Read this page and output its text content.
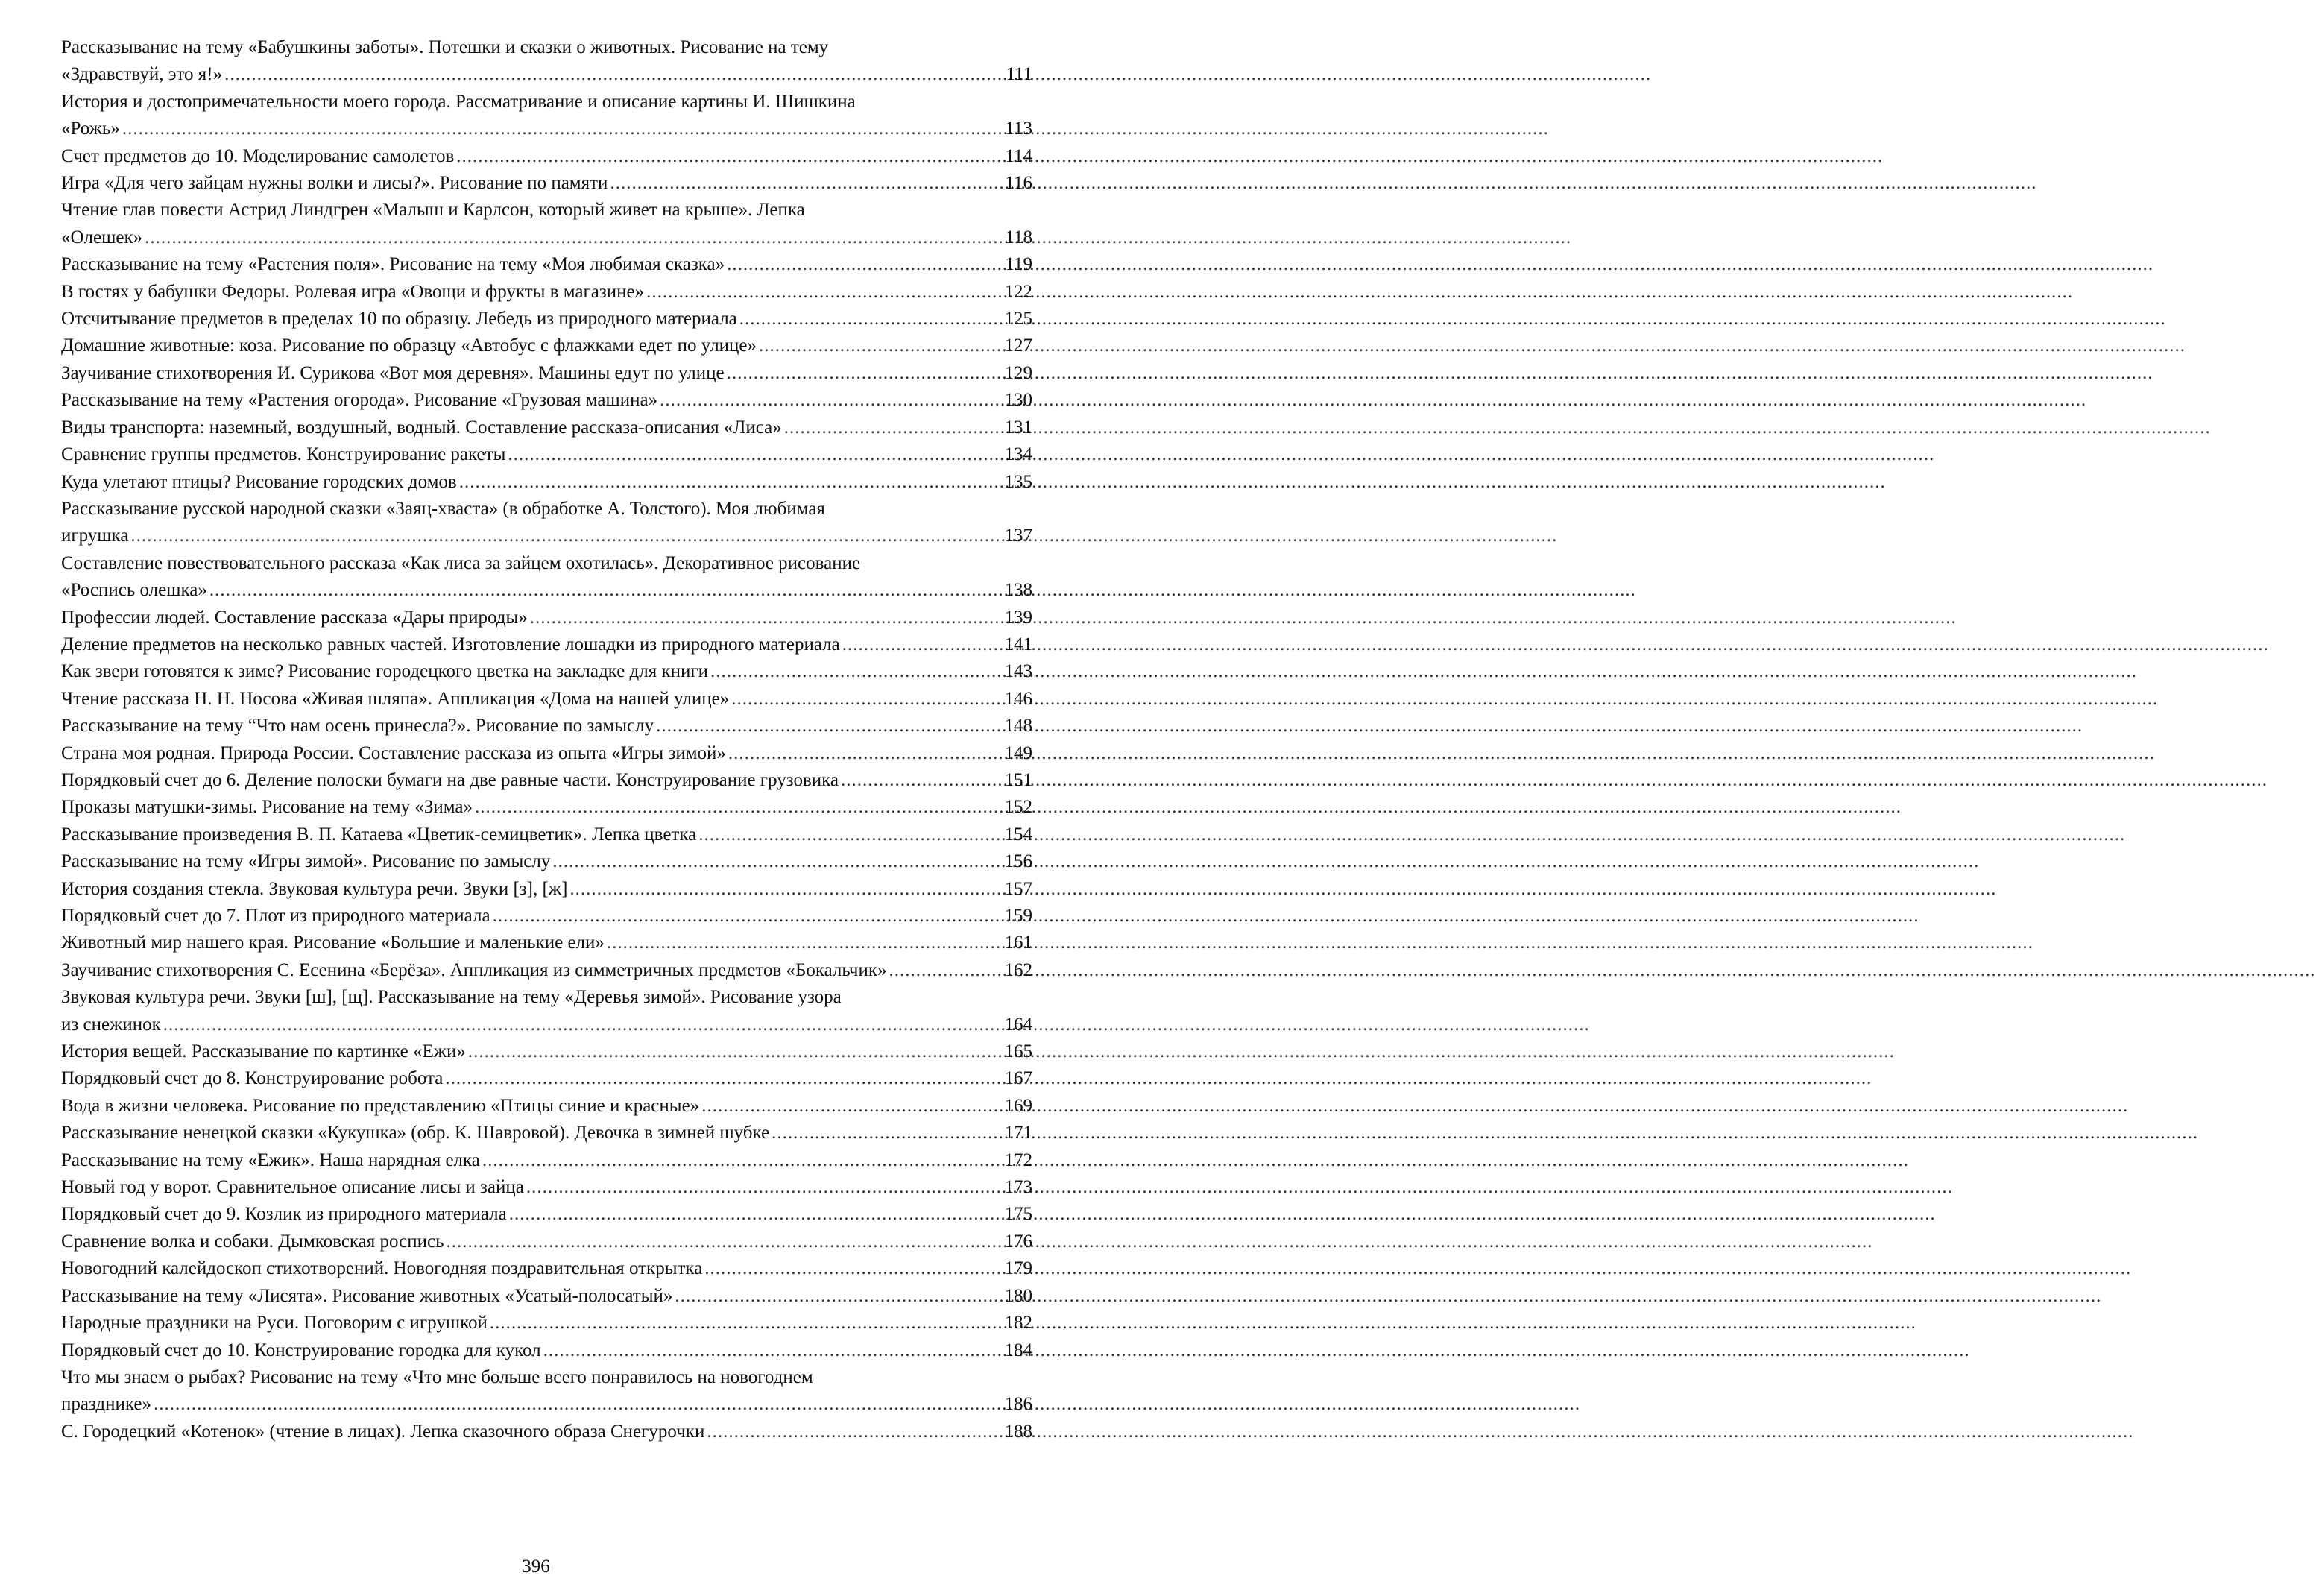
Рассказывание на тему «Бабушкины заботы». Потешки и сказки о животных. Рисование на тему
«Здравствуй, это я!» .....	111
История и достопримечательности моего города. Рассматривание и описание картины И. Шишкина
«Рожь» .....	113
Счет предметов до 10. Моделирование самолетов .....	114
Игра «Для чего зайцам нужны волки и лисы?». Рисование по памяти .....	116
Чтение глав повести Астрид Линдгрен «Малыш и Карлсон, который живет на крыше». Лепка
«Олешек» .....	118
Рассказывание на тему «Растения поля». Рисование на тему «Моя любимая сказка» .....	119
В гостях у бабушки Федоры. Ролевая игра «Овощи и фрукты в магазине» .....	122
Отсчитывание предметов в пределах 10 по образцу. Лебедь из природного материала .....	125
Домашние животные: коза. Рисование по образцу «Автобус с флажками едет по улице» .....	127
Заучивание стихотворения И. Сурикова «Вот моя деревня». Машины едут по улице .....	129
Рассказывание на тему «Растения огорода». Рисование «Грузовая машина» .....	130
Виды транспорта: наземный, воздушный, водный. Составление рассказа-описания «Лиса» .....	131
Сравнение группы предметов. Конструирование ракеты .....	134
Куда улетают птицы? Рисование городских домов .....	135
Рассказывание русской народной сказки «Заяц-хваста» (в обработке А. Толстого). Моя любимая
игрушка .....	137
Составление повествовательного рассказа «Как лиса за зайцем охотилась». Декоративное рисование
«Роспись олешка» .....	138
Профессии людей. Составление рассказа «Дары природы» .....	139
Деление предметов на несколько равных частей. Изготовление лошадки из природного материала .....	141
Как звери готовятся к зиме? Рисование городецкого цветка на закладке для книги .....	143
Чтение рассказа Н. Н. Носова «Живая шляпа». Аппликация «Дома на нашей улице» .....	146
Рассказывание на тему “Что нам осень принесла?». Рисование по замыслу .....	148
Страна моя родная. Природа России. Составление рассказа из опыта «Игры зимой» .....	149
Порядковый счет до 6. Деление полоски бумаги на две равные части. Конструирование грузовика .....	151
Проказы матушки-зимы. Рисование на тему «Зима» .....	152
Рассказывание произведения В. П. Катаева «Цветик-семицветик». Лепка цветка .....	154
Рассказывание на тему «Игры зимой». Рисование по замыслу .....	156
История создания стекла. Звуковая культура речи. Звуки [з], [ж] .....	157
Порядковый счет до 7. Плот из природного материала .....	159
Животный мир нашего края. Рисование «Большие и маленькие ели» .....	161
Заучивание стихотворения С. Есенина «Берёза». Аппликация из симметричных предметов «Бокальчик» .....	162
Звуковая культура речи. Звуки [ш], [щ]. Рассказывание на тему «Деревья зимой». Рисование узора
из снежинок .....	164
История вещей. Рассказывание по картинке «Ежи» .....	165
Порядковый счет до 8. Конструирование робота .....	167
Вода в жизни человека. Рисование по представлению «Птицы синие и красные» .....	169
Рассказывание ненецкой сказки «Кукушка» (обр. К. Шавровой). Девочка в зимней шубке .....	171
Рассказывание на тему «Ежик». Наша нарядная елка .....	172
Новый год у ворот. Сравнительное описание лисы и зайца .....	173
Порядковый счет до 9. Козлик из природного материала .....	175
Сравнение волка и собаки. Дымковская роспись .....	176
Новогодний калейдоскоп стихотворений. Новогодняя поздравительная открытка .....	179
Рассказывание на тему «Лисята». Рисование животных «Усатый-полосатый» .....	180
Народные праздники на Руси. Поговорим с игрушкой .....	182
Порядковый счет до 10. Конструирование городка для кукол .....	184
Что мы знаем о рыбах? Рисование на тему «Что мне больше всего понравилось на новогоднем
празднике» .....	186
С. Городецкий «Котенок» (чтение в лицах). Лепка сказочного образа Снегурочки .....	188
396
